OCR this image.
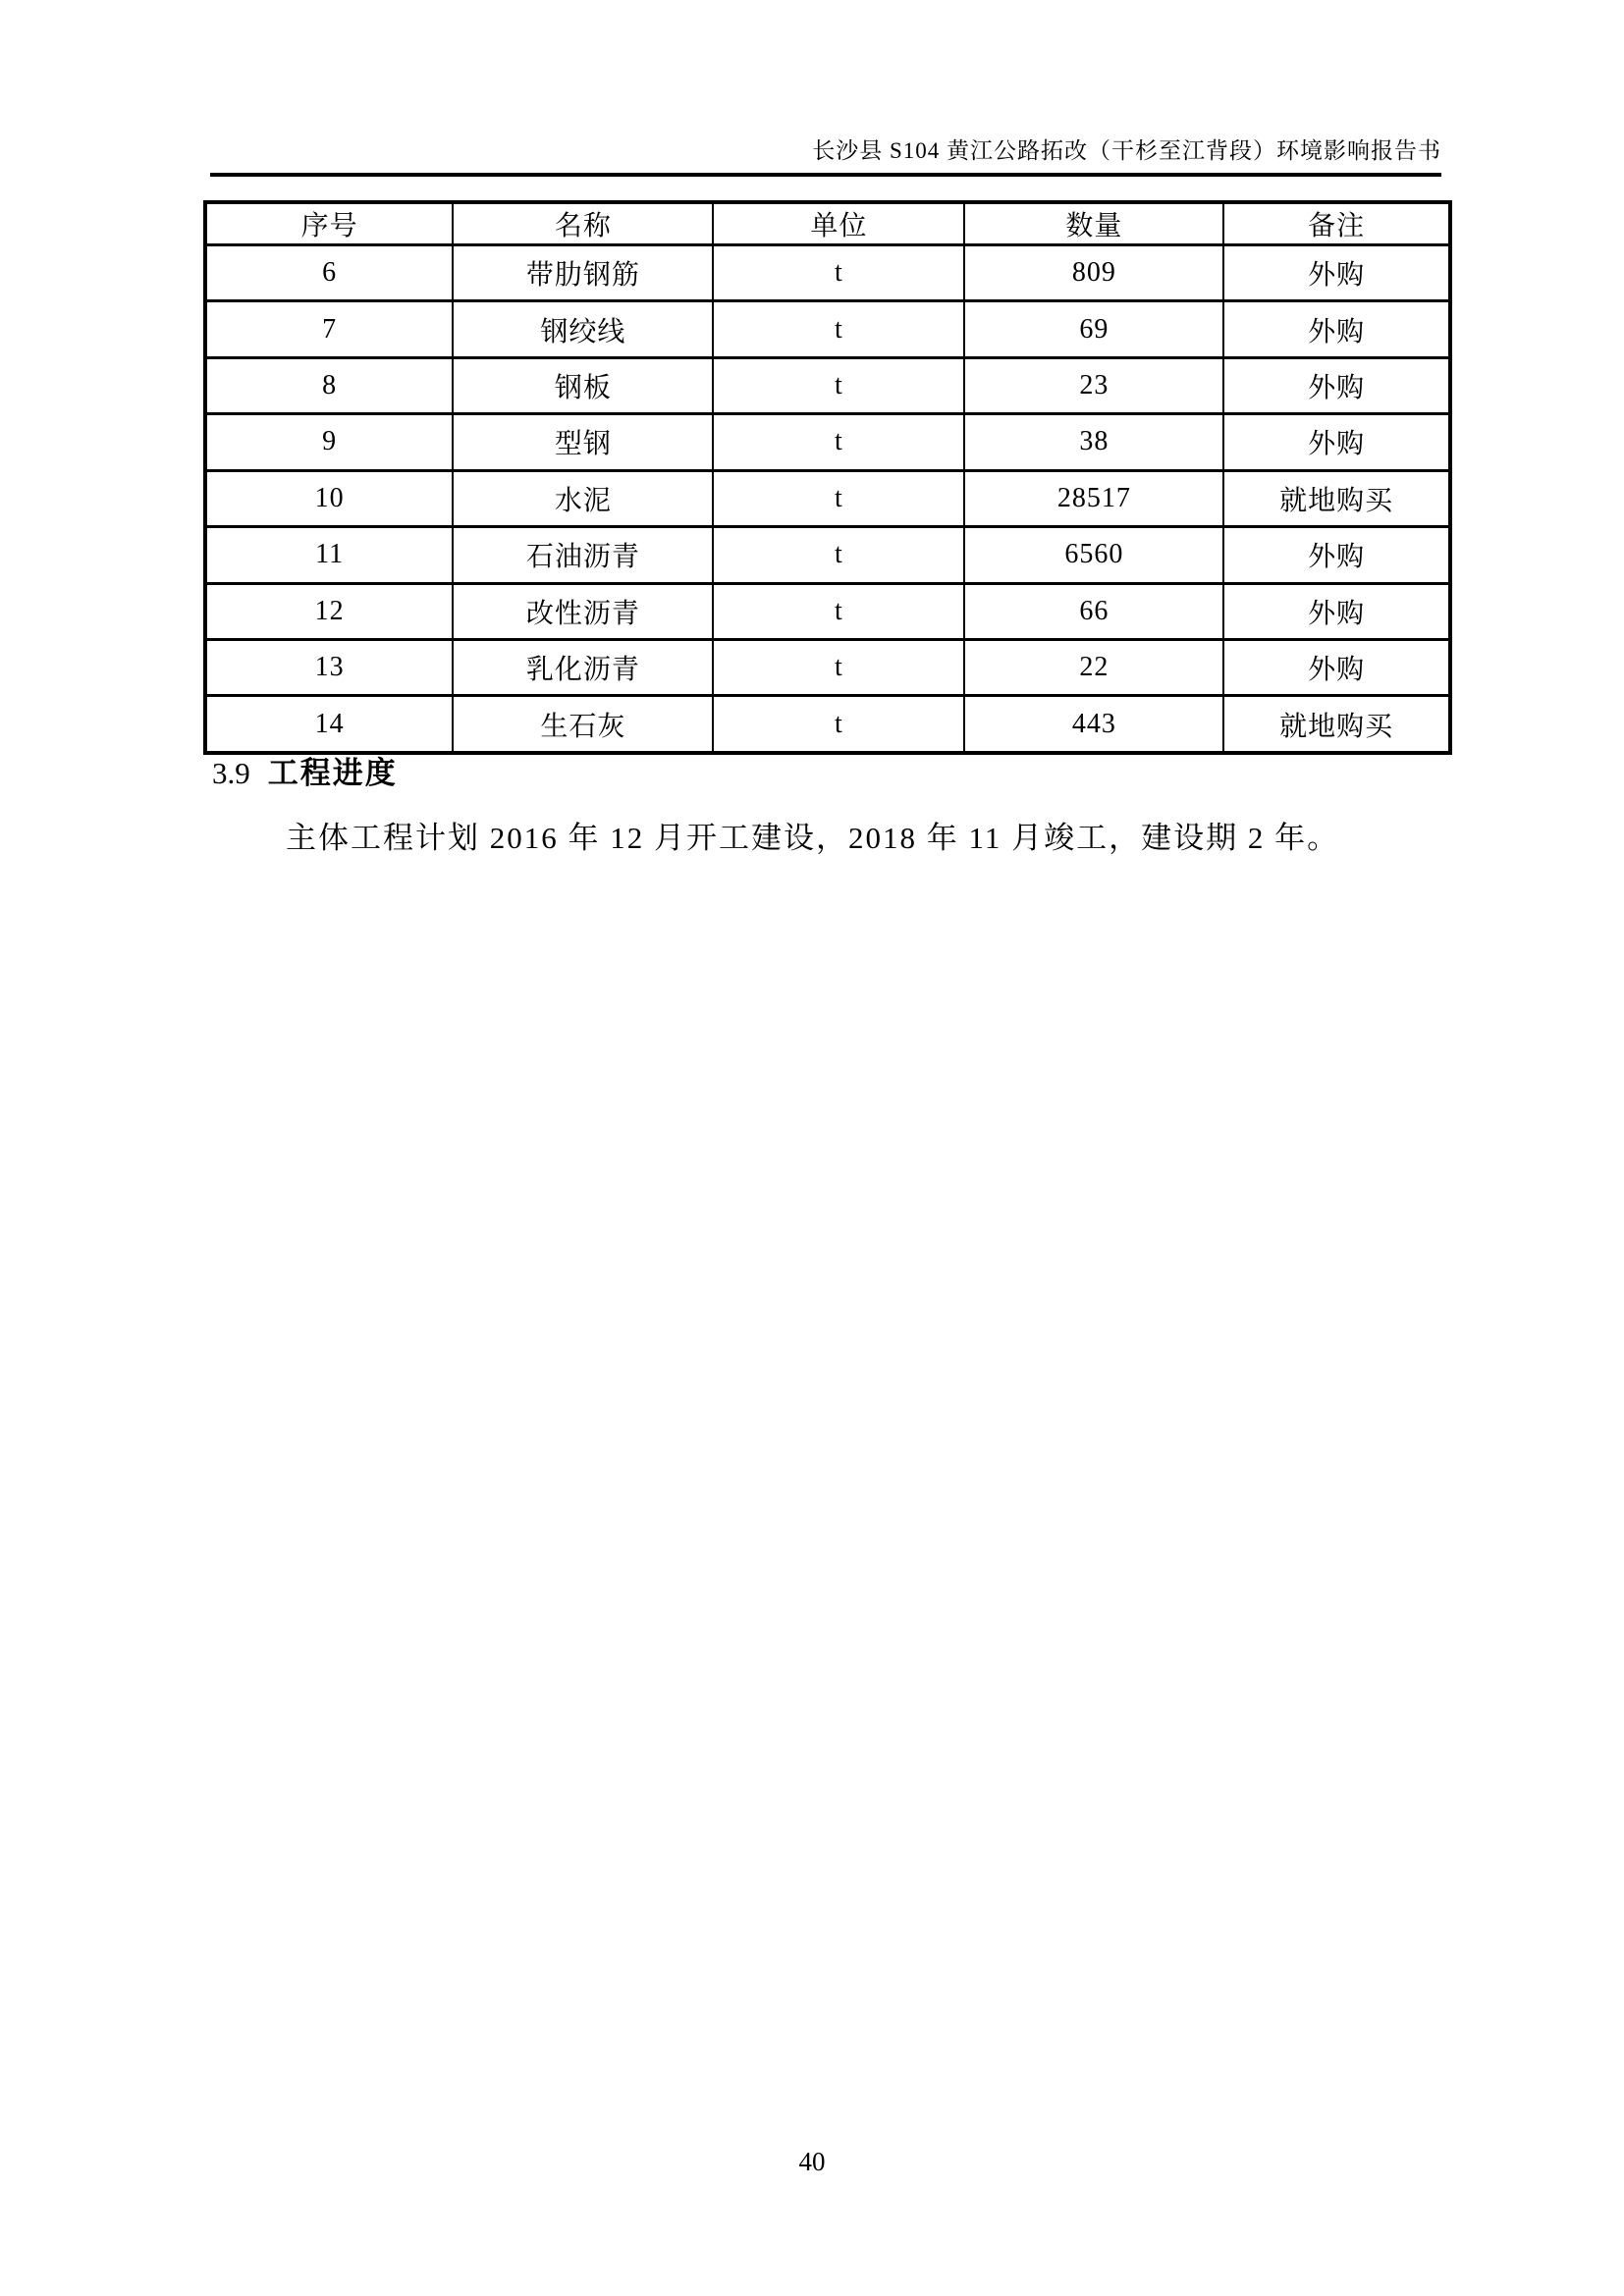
长沙县 S104 黄江公路拓改（干杉至江背段）环境影响报告书
序号	名称	单位	数量	备注
6	带肋钢筋	t	809	外购
7	钢绞线	t	69	外购
8	钢板	t	23	外购
9	型钢	t	38	外购
10	水泥	t	28517	就地购买
11	石油沥青	t	6560	外购
12	改性沥青	t	66	外购
13	乳化沥青	t	22	外购
14	生石灰	t	443	就地购买
3.9 工程进度
主体工程计划 2016 年 12 月开工建设，2018 年 11 月竣工，建设期 2 年。
40
